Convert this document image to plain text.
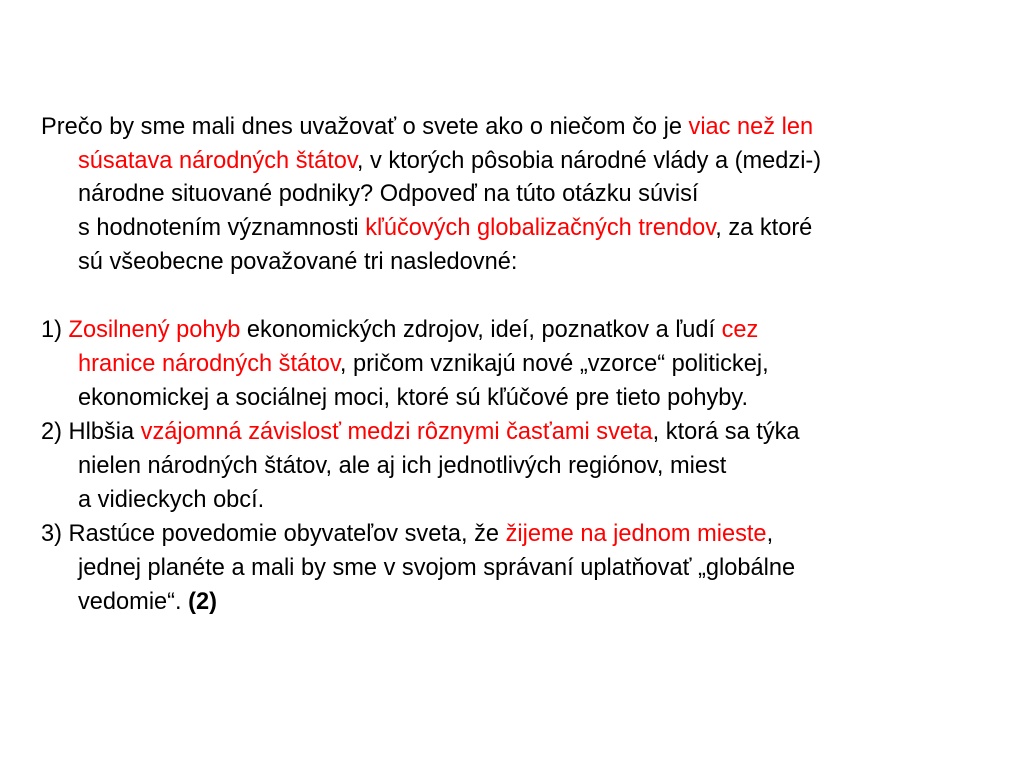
Prečo by sme mali dnes uvažovať o svete ako o niečom čo je viac než len
súsatava národných štátov, v ktorých pôsobia národné vlády a (medzi-)
národne situované podniky? Odpoveď na túto otázku súvisí
s hodnotením významnosti kľúčových globalizačných trendov, za ktoré
sú všeobecne považované tri nasledovné:
1) Zosilnený pohyb ekonomických zdrojov, ideí, poznatkov a ľudí cez
hranice národných štátov, pričom vznikajú nové „vzorce“ politickej,
ekonomickej a sociálnej moci, ktoré sú kľúčové pre tieto pohyby.
2) Hlbšia vzájomná závislosť medzi rôznymi časťami sveta, ktorá sa týka
nielen národných štátov, ale aj ich jednotlivých regiónov, miest
a vidieckych obcí.
3) Rastúce povedomie obyvateľov sveta, že žijeme na jednom mieste,
jednej planéte a mali by sme v svojom správaní uplatňovať „globálne
vedomie“. (2)
